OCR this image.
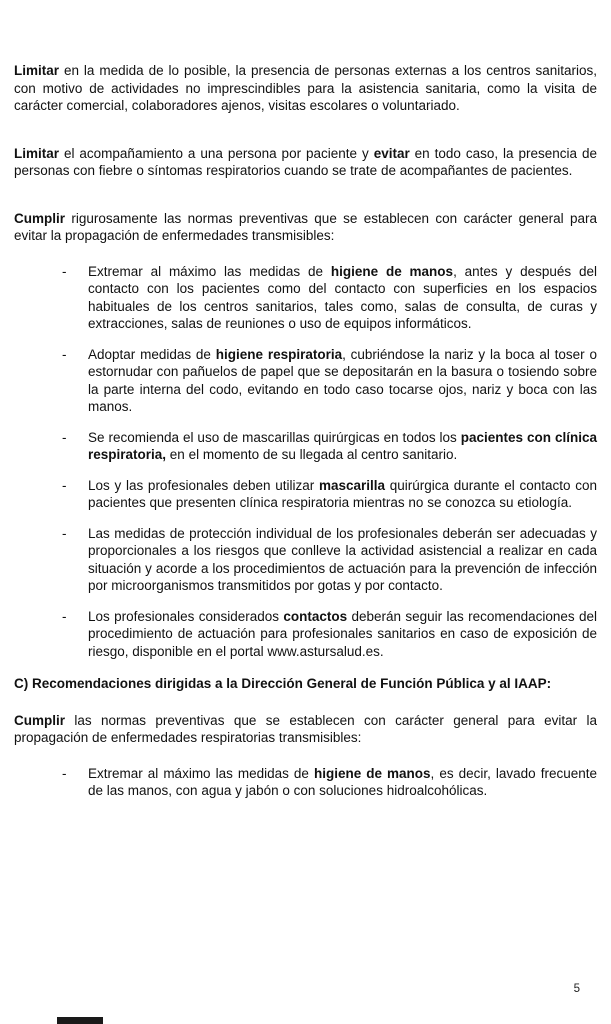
Limitar en la medida de lo posible, la presencia de personas externas a los centros sanitarios, con motivo de actividades no imprescindibles para la asistencia sanitaria, como la visita de carácter comercial, colaboradores ajenos, visitas escolares o voluntariado.

Limitar el acompañamiento a una persona por paciente y evitar en todo caso, la presencia de personas con fiebre o síntomas respiratorios cuando se trate de acompañantes de pacientes.

Cumplir rigurosamente las normas preventivas que se establecen con carácter general para evitar la propagación de enfermedades transmisibles:

- Extremar al máximo las medidas de higiene de manos, antes y después del contacto con los pacientes como del contacto con superficies en los espacios habituales de los centros sanitarios, tales como, salas de consulta, de curas y extracciones, salas de reuniones o uso de equipos informáticos.
- Adoptar medidas de higiene respiratoria, cubriéndose la nariz y la boca al toser o estornudar con pañuelos de papel que se depositarán en la basura o tosiendo sobre la parte interna del codo, evitando en todo caso tocarse ojos, nariz y boca con las manos.
- Se recomienda el uso de mascarillas quirúrgicas en todos los pacientes con clínica respiratoria, en el momento de su llegada al centro sanitario.
- Los y las profesionales deben utilizar mascarilla quirúrgica durante el contacto con pacientes que presenten clínica respiratoria mientras no se conozca su etiología.
- Las medidas de protección individual de los profesionales deberán ser adecuadas y proporcionales a los riesgos que conlleve la actividad asistencial a realizar en cada situación y acorde a los procedimientos de actuación para la prevención de infección por microorganismos transmitidos por gotas y por contacto.
- Los profesionales considerados contactos deberán seguir las recomendaciones del procedimiento de actuación para profesionales sanitarios en caso de exposición de riesgo, disponible en el portal www.astursalud.es.

C) Recomendaciones dirigidas a la Dirección General de Función Pública y al IAAP:

Cumplir las normas preventivas que se establecen con carácter general para evitar la propagación de enfermedades respiratorias transmisibles:

- Extremar al máximo las medidas de higiene de manos, es decir, lavado frecuente de las manos, con agua y jabón o con soluciones hidroalcohólicas.
5
